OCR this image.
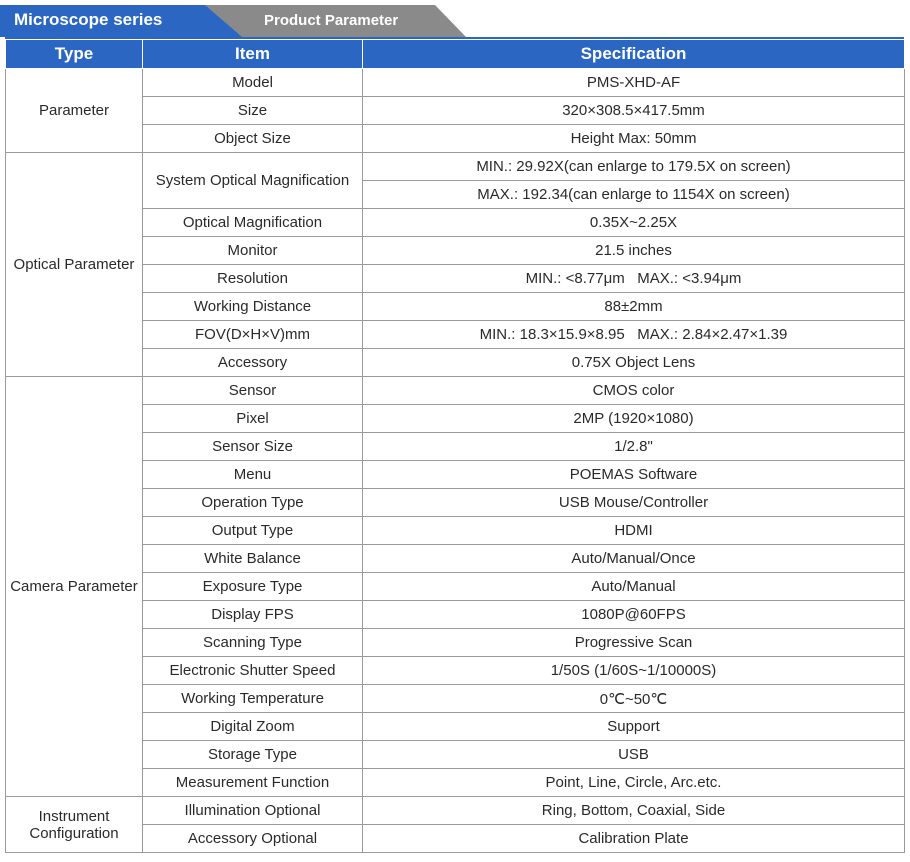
Microscope series	Product Parameter
Type	Item	Specification
Parameter	Model	PMS-XHD-AF
	Size	320×308.5×417.5mm
	Object Size	Height Max: 50mm
Optical Parameter	System Optical Magnification	MIN.: 29.92X(can enlarge to 179.5X on screen)
		MAX.: 192.34(can enlarge to 1154X on screen)
	Optical Magnification	0.35X~2.25X
	Monitor	21.5 inches
	Resolution	MIN.: <8.77μm   MAX.: <3.94μm
	Working Distance	88±2mm
	FOV(D×H×V)mm	MIN.: 18.3×15.9×8.95   MAX.: 2.84×2.47×1.39
	Accessory	0.75X Object Lens
Camera Parameter	Sensor	CMOS color
	Pixel	2MP (1920×1080)
	Sensor Size	1/2.8"
	Menu	POEMAS Software
	Operation Type	USB Mouse/Controller
	Output Type	HDMI
	White Balance	Auto/Manual/Once
	Exposure Type	Auto/Manual
	Display FPS	1080P@60FPS
	Scanning Type	Progressive Scan
	Electronic Shutter Speed	1/50S (1/60S~1/10000S)
	Working Temperature	0℃~50℃
	Digital Zoom	Support
	Storage Type	USB
	Measurement Function	Point, Line, Circle, Arc.etc.
Instrument Configuration	Illumination Optional	Ring, Bottom, Coaxial, Side
	Accessory Optional	Calibration Plate
